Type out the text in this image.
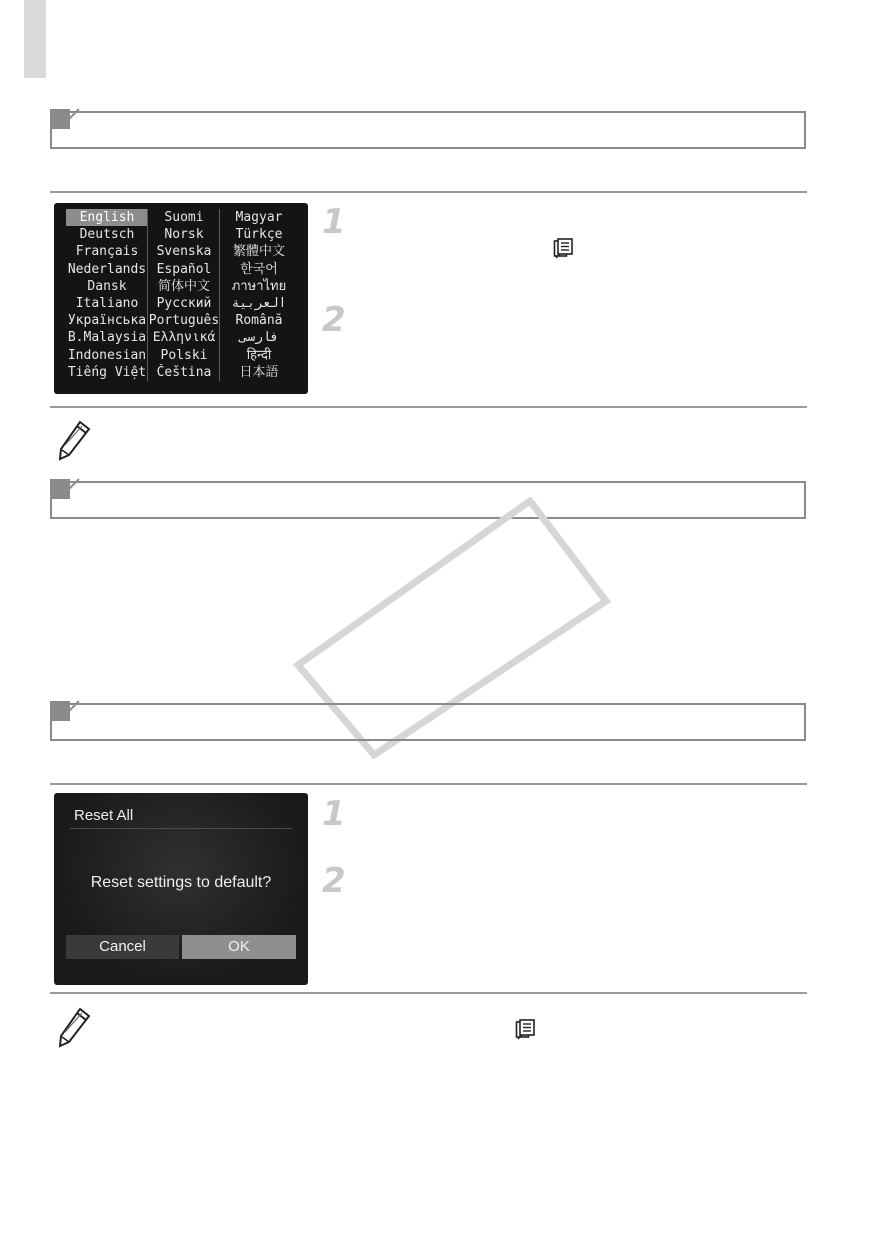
English
Deutsch
Français
Nederlands
Dansk
Italiano
Українська
B.Malaysia
Indonesian
Tiếng Việt
Suomi
Norsk
Svenska
Español
简体中文
Русский
Português
Ελληνικά
Polski
Čeština
Magyar
Türkçe
繁體中文
한국어
ภาษาไทย
العربية
Română
فارسی
हिन्दी
日本語
1
2
Reset All
Reset settings to default?
Cancel	OK
1
2
